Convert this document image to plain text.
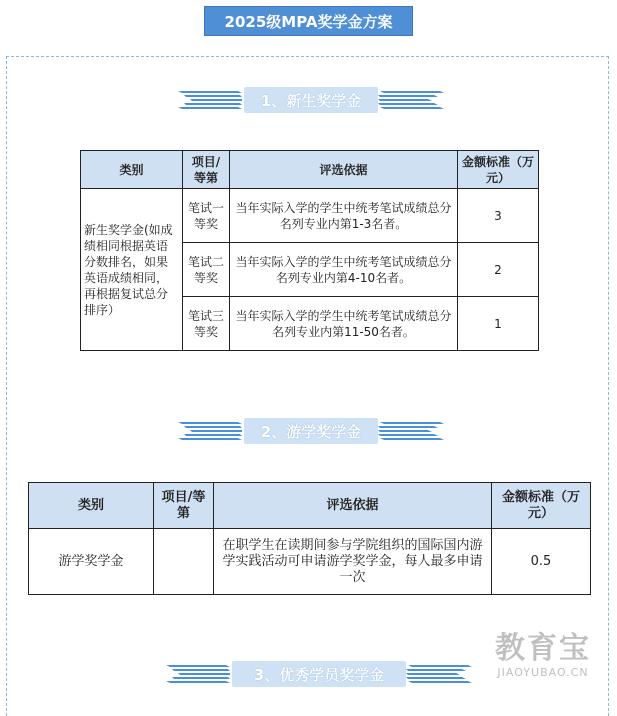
2025级MPA奖学金方案
1、新生奖学金
类别	项目/等第	评选依据	金额标准（万元）
新生奖学金(如成绩相同根据英语分数排名，如果英语成绩相同，再根据复试总分排序）	笔试一等奖	当年实际入学的学生中统考笔试成绩总分名列专业内第1-3名者。	3
	笔试二等奖	当年实际入学的学生中统考笔试成绩总分名列专业内第4-10名者。	2
	笔试三等奖	当年实际入学的学生中统考笔试成绩总分名列专业内第11-50名者。	1
2、游学奖学金
类别	项目/等第	评选依据	金额标准（万元）
游学奖学金		在职学生在读期间参与学院组织的国际国内游学实践活动可申请游学奖学金，每人最多申请一次	0.5
3、优秀学员奖学金
教育宝
JIAOYUBAO.CN
